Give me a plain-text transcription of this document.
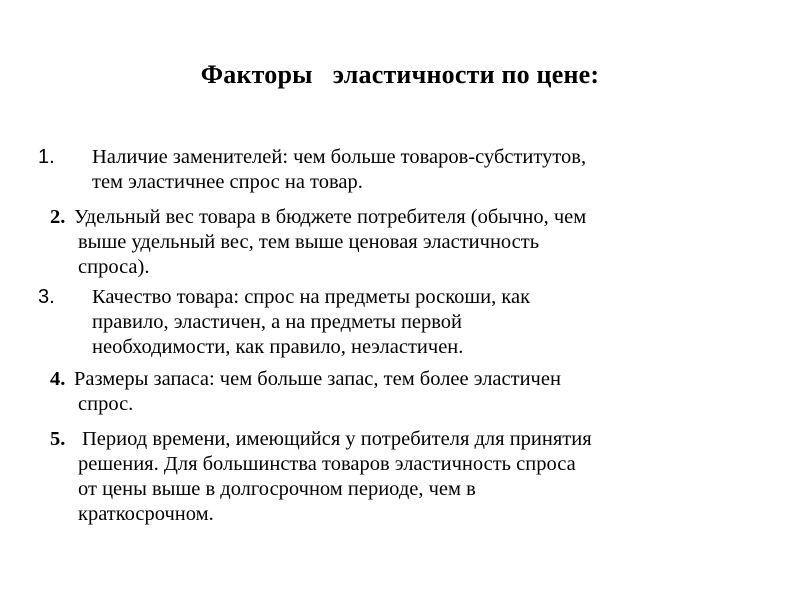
Факторы   эластичности по цене:
1. Наличие заменителей: чем больше товаров-субститутов,
тем эластичнее спрос на товар.
2. Удельный вес товара в бюджете потребителя (обычно, чем
выше удельный вес, тем выше ценовая эластичность
спроса).
3. Качество товара: спрос на предметы роскоши, как
правило, эластичен, а на предметы первой
необходимости, как правило, неэластичен.
4. Размеры запаса: чем больше запас, тем более эластичен
спрос.
5. Период времени, имеющийся у потребителя для принятия
решения. Для большинства товаров эластичность спроса
от цены выше в долгосрочном периоде, чем в
краткосрочном.
